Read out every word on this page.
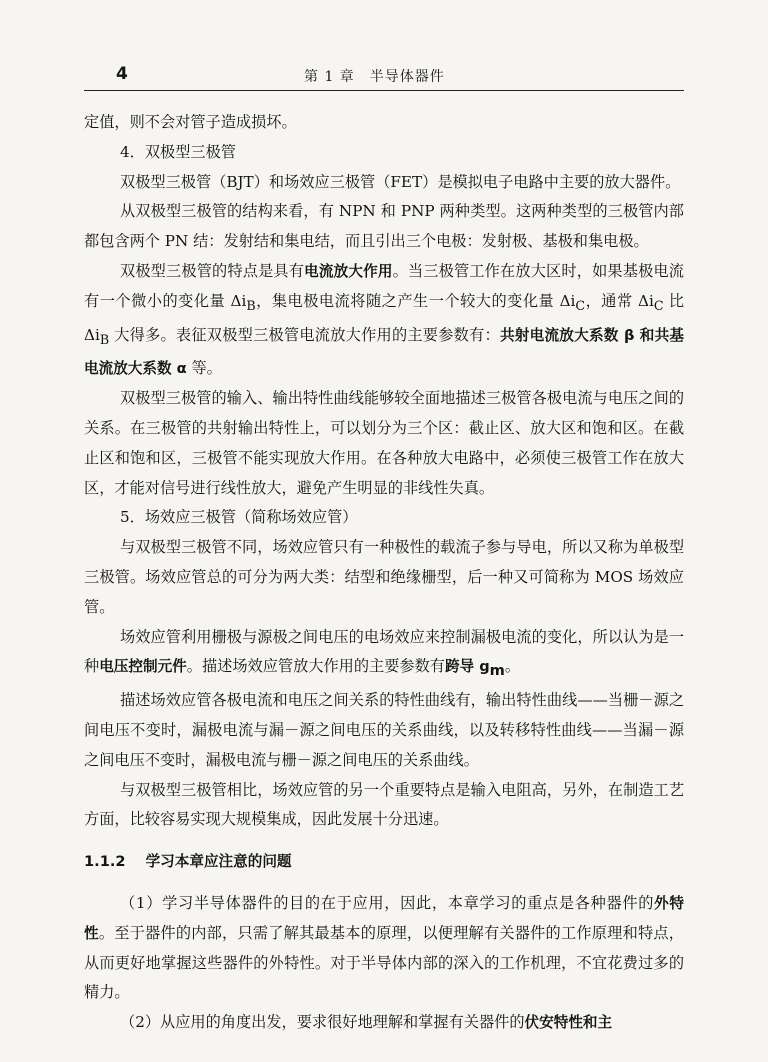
4	第 1 章　半导体器件

定值，则不会对管子造成损坏。

4．双极型三极管

双极型三极管（BJT）和场效应三极管（FET）是模拟电子电路中主要的放大器件。

从双极型三极管的结构来看，有 NPN 和 PNP 两种类型。这两种类型的三极管内部都包含两个 PN 结：发射结和集电结，而且引出三个电极：发射极、基极和集电极。

双极型三极管的特点是具有电流放大作用。当三极管工作在放大区时，如果基极电流有一个微小的变化量 $\Delta i_B$，集电极电流将随之产生一个较大的变化量 $\Delta i_C$，通常 $\Delta i_C$ 比 $\Delta i_B$ 大得多。表征双极型三极管电流放大作用的主要参数有：共射电流放大系数 β 和共基电流放大系数 α 等。

双极型三极管的输入、输出特性曲线能够较全面地描述三极管各极电流与电压之间的关系。在三极管的共射输出特性上，可以划分为三个区：截止区、放大区和饱和区。在截止区和饱和区，三极管不能实现放大作用。在各种放大电路中，必须使三极管工作在放大区，才能对信号进行线性放大，避免产生明显的非线性失真。

5．场效应三极管（简称场效应管）

与双极型三极管不同，场效应管只有一种极性的载流子参与导电，所以又称为单极型三极管。场效应管总的可分为两大类：结型和绝缘栅型，后一种又可简称为 MOS 场效应管。

场效应管利用栅极与源极之间电压的电场效应来控制漏极电流的变化，所以认为是一种电压控制元件。描述场效应管放大作用的主要参数有跨导 $g_m$。

描述场效应管各极电流和电压之间关系的特性曲线有，输出特性曲线——当栅－源之间电压不变时，漏极电流与漏－源之间电压的关系曲线，以及转移特性曲线——当漏－源之间电压不变时，漏极电流与栅－源之间电压的关系曲线。

与双极型三极管相比，场效应管的另一个重要特点是输入电阻高，另外，在制造工艺方面，比较容易实现大规模集成，因此发展十分迅速。

1.1.2 学习本章应注意的问题

（1）学习半导体器件的目的在于应用，因此，本章学习的重点是各种器件的外特性。至于器件的内部，只需了解其最基本的原理，以便理解有关器件的工作原理和特点，从而更好地掌握这些器件的外特性。对于半导体内部的深入的工作机理，不宜花费过多的精力。

（2）从应用的角度出发，要求很好地理解和掌握有关器件的伏安特性和主
